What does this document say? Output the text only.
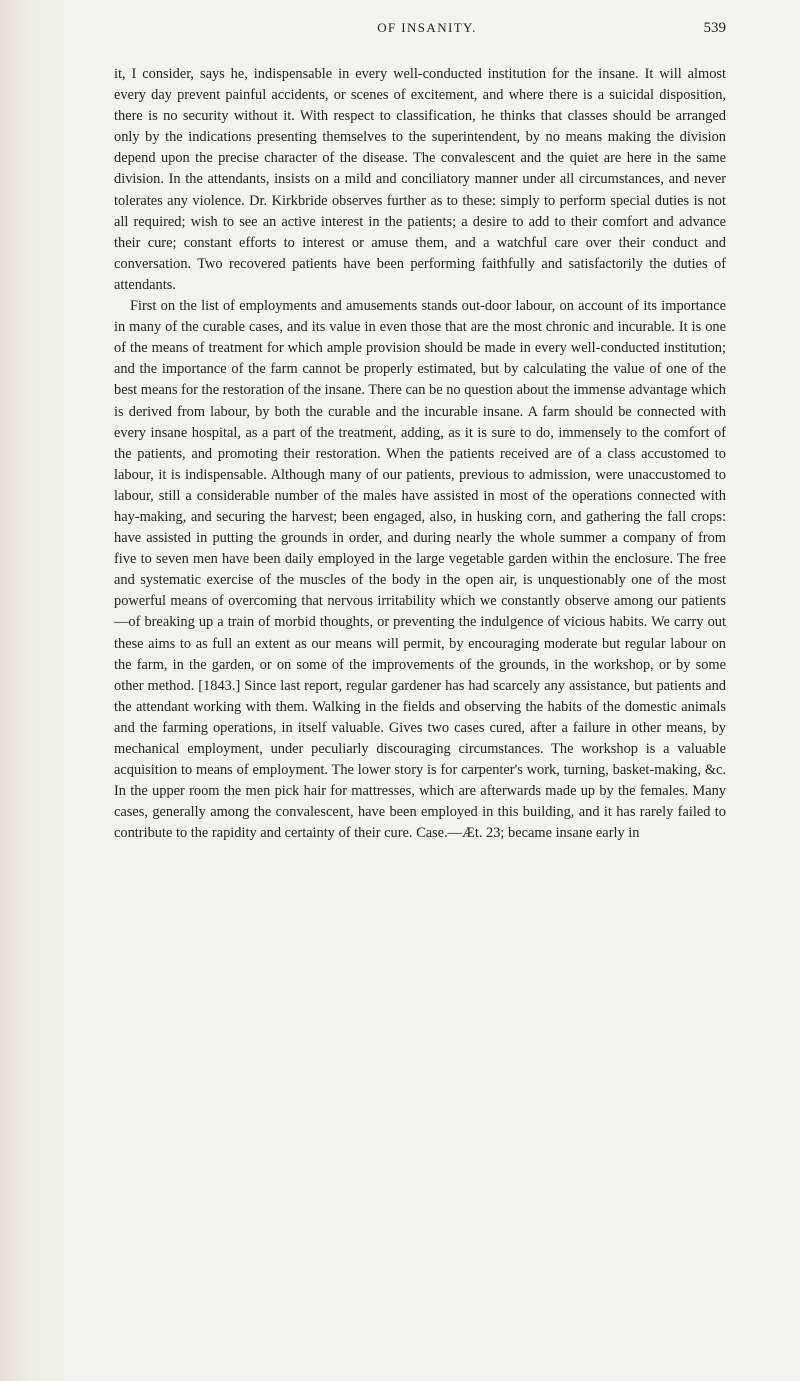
OF INSANITY.	539

it, I consider, says he, indispensable in every well-conducted institution for the insane. It will almost every day prevent painful accidents, or scenes of excitement, and where there is a suicidal disposition, there is no security without it. With respect to classification, he thinks that classes should be arranged only by the indications presenting themselves to the superintendent, by no means making the division depend upon the precise character of the disease. The convalescent and the quiet are here in the same division. In the attendants, insists on a mild and conciliatory manner under all circumstances, and never tolerates any violence. Dr. Kirkbride observes further as to these: simply to perform special duties is not all required; wish to see an active interest in the patients; a desire to add to their comfort and advance their cure; constant efforts to interest or amuse them, and a watchful care over their conduct and conversation. Two recovered patients have been performing faithfully and satisfactorily the duties of attendants.

First on the list of employments and amusements stands out-door labour, on account of its importance in many of the curable cases, and its value in even those that are the most chronic and incurable. It is one of the means of treatment for which ample provision should be made in every well-conducted institution; and the importance of the farm cannot be properly estimated, but by calculating the value of one of the best means for the restoration of the insane. There can be no question about the immense advantage which is derived from labour, by both the curable and the incurable insane. A farm should be connected with every insane hospital, as a part of the treatment, adding, as it is sure to do, immensely to the comfort of the patients, and promoting their restoration. When the patients received are of a class accustomed to labour, it is indispensable. Although many of our patients, previous to admission, were unaccustomed to labour, still a considerable number of the males have assisted in most of the operations connected with hay-making, and securing the harvest; been engaged, also, in husking corn, and gathering the fall crops: have assisted in putting the grounds in order, and during nearly the whole summer a company of from five to seven men have been daily employed in the large vegetable garden within the enclosure. The free and systematic exercise of the muscles of the body in the open air, is unquestionably one of the most powerful means of overcoming that nervous irritability which we constantly observe among our patients—of breaking up a train of morbid thoughts, or preventing the indulgence of vicious habits. We carry out these aims to as full an extent as our means will permit, by encouraging moderate but regular labour on the farm, in the garden, or on some of the improvements of the grounds, in the workshop, or by some other method. [1843.] Since last report, regular gardener has had scarcely any assistance, but patients and the attendant working with them. Walking in the fields and observing the habits of the domestic animals and the farming operations, in itself valuable. Gives two cases cured, after a failure in other means, by mechanical employment, under peculiarly discouraging circumstances. The workshop is a valuable acquisition to means of employment. The lower story is for carpenter's work, turning, basket-making, &c. In the upper room the men pick hair for mattresses, which are afterwards made up by the females. Many cases, generally among the convalescent, have been employed in this building, and it has rarely failed to contribute to the rapidity and certainty of their cure. Case.—Æt. 23; became insane early in
